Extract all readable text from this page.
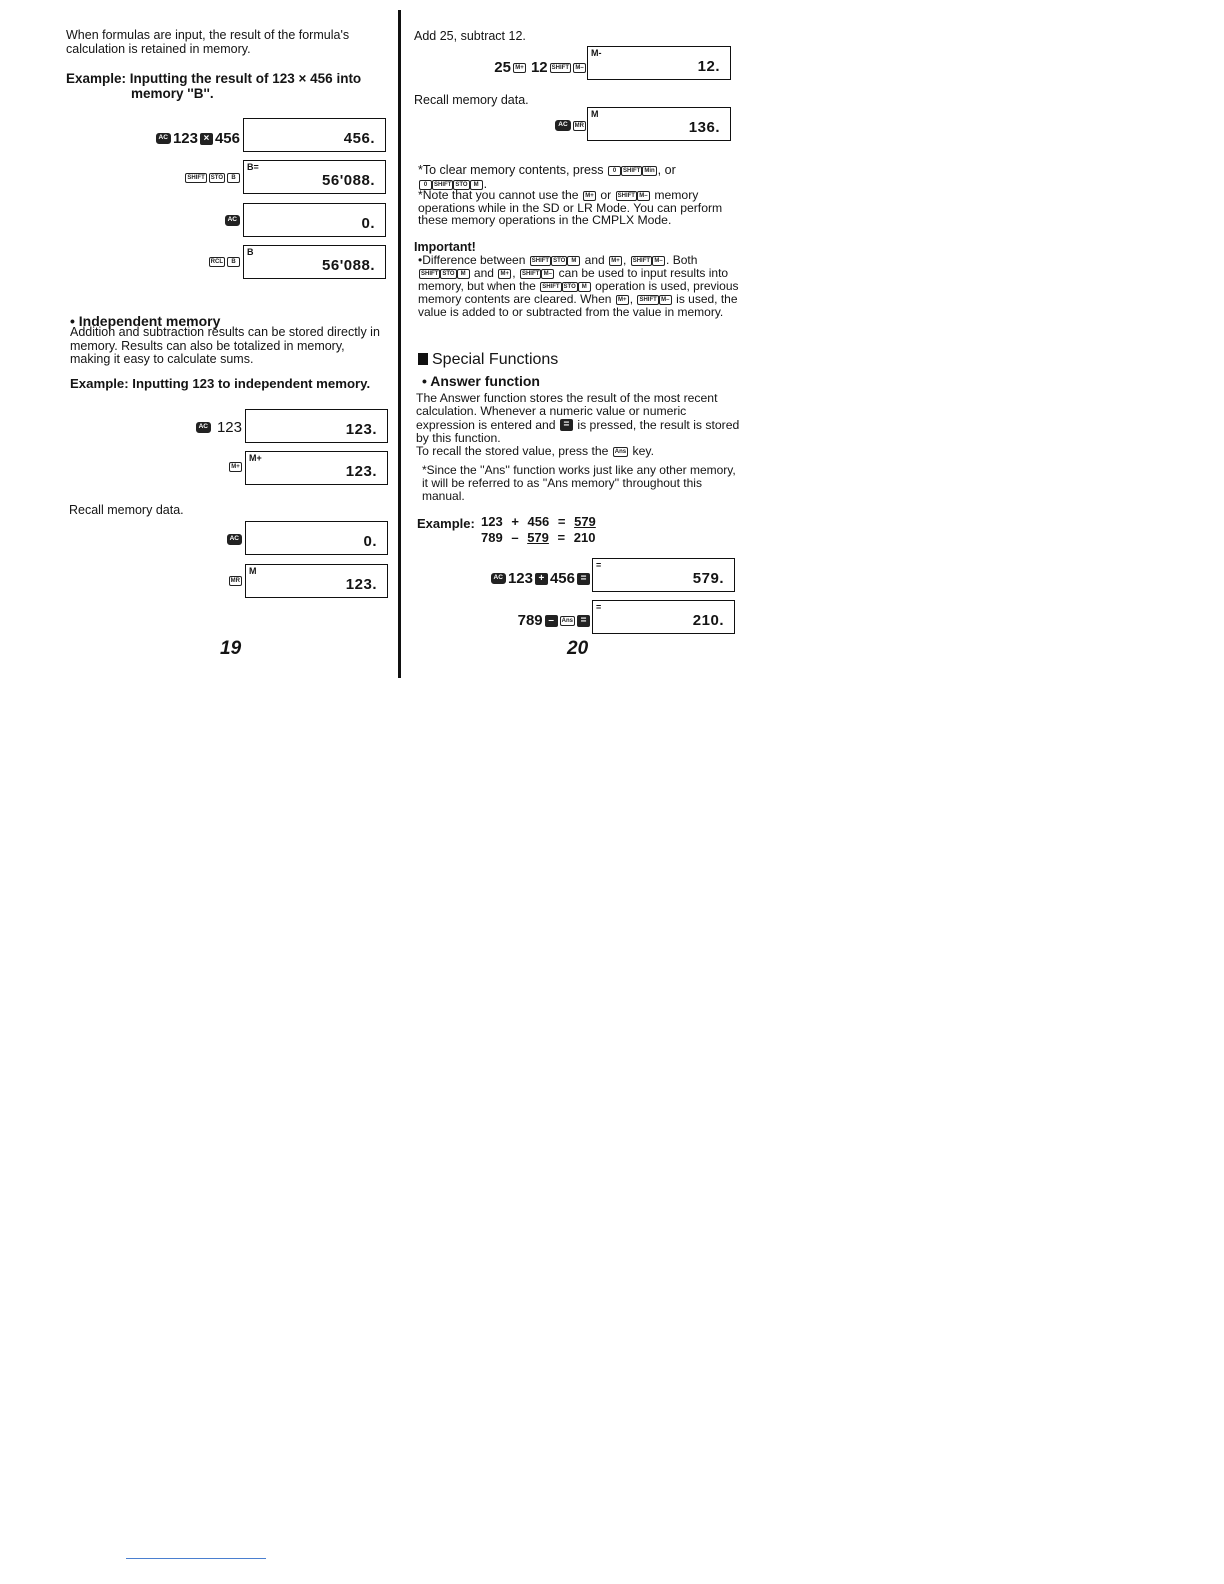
When formulas are input, the result of the formula's calculation is retained in memory.

Example: Inputting the result of 123 × 456 into
memory ''B''.
AC 123 × 456	456.
SHIFT	STO	B
B=
56'088.
AC	0.
RCL	B
B
56'088.
• Independent memory

Addition and subtraction results can be stored directly in memory. Results can also be totalized in memory, making it easy to calculate sums.

Example: Inputting 123 to independent memory.
AC 123	123.
M+
M+
123.

Recall memory data.

AC	0.
MR
M
123.
19

Add 25, subtract 12.

25 M+ 12 SHIFT	M–
M-
12.

Recall memory data.

AC	MR
M
136.
*To clear memory contents, press	0	SHIFT Min , or
0	SHIFT STO	M .
*Note that you cannot use the	M+ or	SHIFT M– memory operations while in the SD or LR Mode. You can perform these memory operations in the CMPLX Mode.
Important!
•Difference between	SHIFT STO	M and	M+ , SHIFT M– . Both
SHIFT STO	M and	M+ , SHIFT M– can be used to input results into memory, but when the	SHIFT STO	M operation is used, previous memory contents are cleared. When	M+ , SHIFT M– is used, the value is added to or subtracted from the value in memory.
Special Functions
• Answer function
The Answer function stores the result of the most recent calculation. Whenever a numeric value or numeric expression is entered and = is pressed, the result is stored by this function.
To recall the stored value, press the	Ans key.

*Since the ''Ans'' function works just like any other memory, it will be referred to as ''Ans memory'' throughout this manual.

Example: 123 + 456 = 579
789 – 579 = 210
AC 123 + 456 =
=
579.
789 –	Ans =
=
210.
20
